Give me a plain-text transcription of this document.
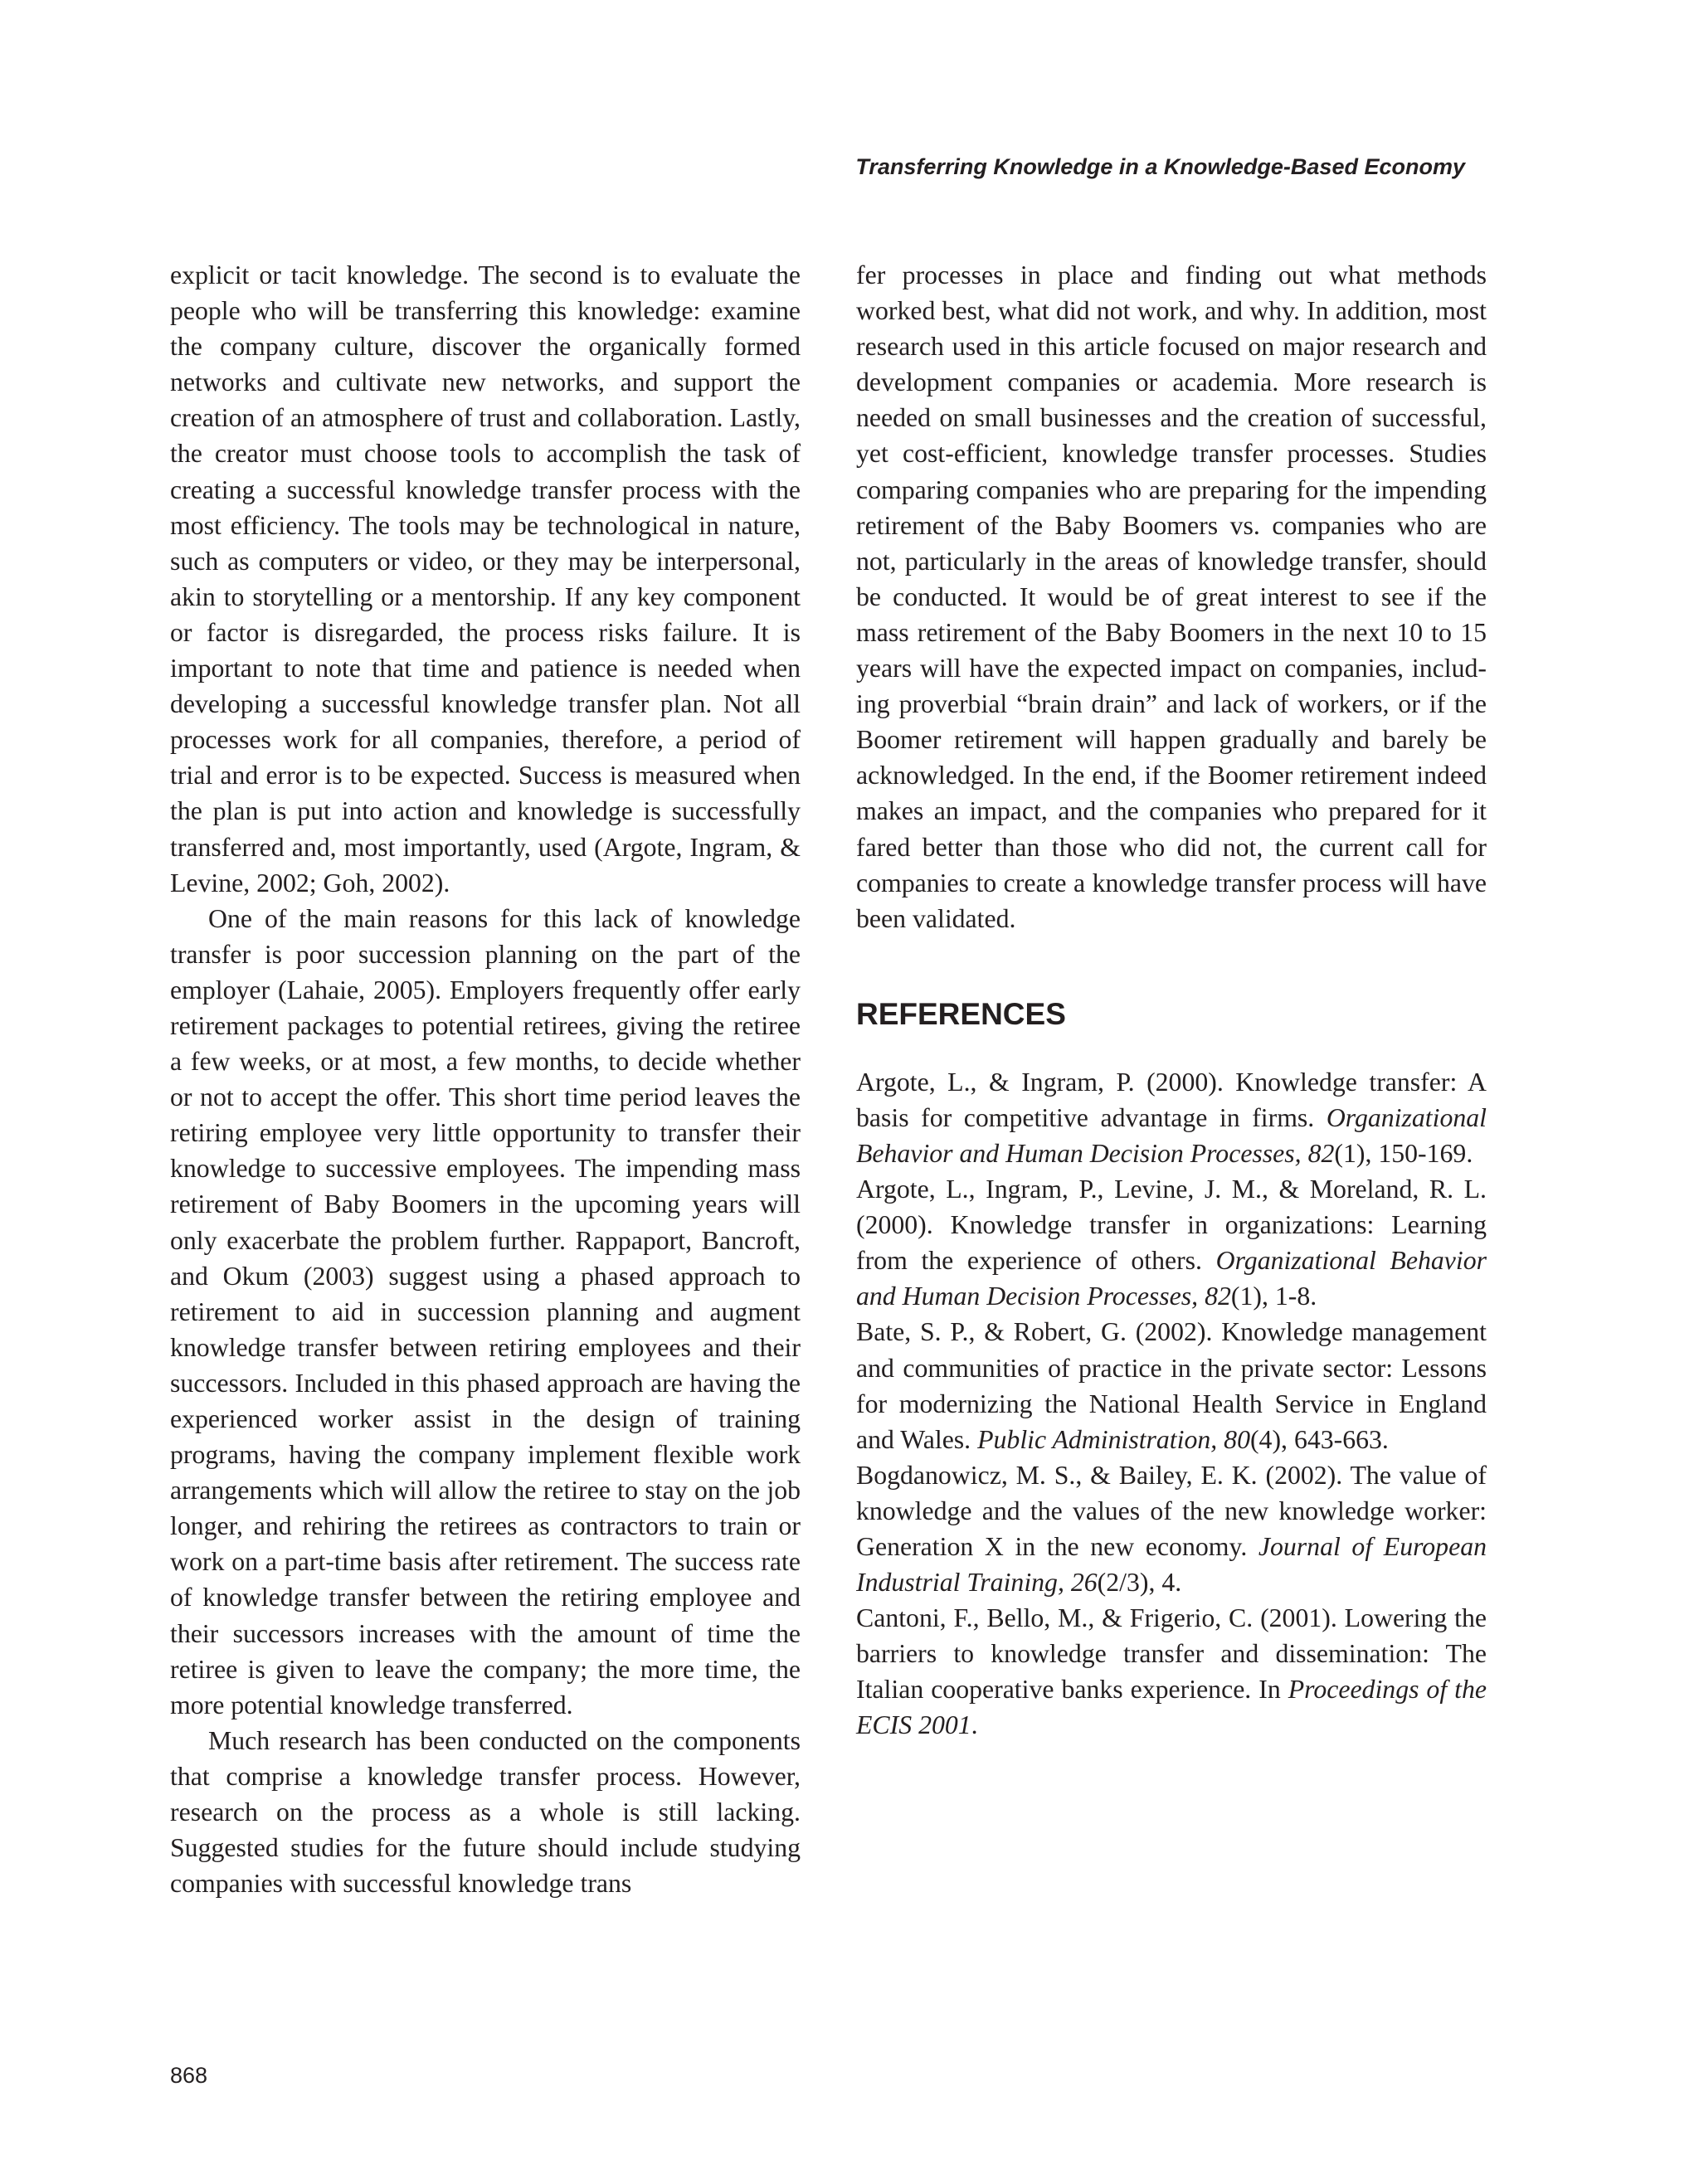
Transferring Knowledge in a Knowledge-Based Economy

explicit or tacit knowledge. The second is to evaluate the people who will be transferring this knowledge: examine the company culture, discover the organically formed networks and cultivate new networks, and support the creation of an atmosphere of trust and collaboration. Lastly, the creator must choose tools to accomplish the task of creating a successful knowledge transfer process with the most efficiency. The tools may be technological in nature, such as computers or video, or they may be interpersonal, akin to storytelling or a mentorship. If any key component or factor is disregarded, the process risks failure. It is important to note that time and patience is needed when developing a successful knowledge transfer plan. Not all processes work for all companies, therefore, a period of trial and error is to be expected. Success is measured when the plan is put into action and knowledge is successfully transferred and, most importantly, used (Argote, Ingram, & Levine, 2002; Goh, 2002).

One of the main reasons for this lack of knowledge transfer is poor succession planning on the part of the employer (Lahaie, 2005). Employers frequently offer early retirement packages to potential retirees, giving the retiree a few weeks, or at most, a few months, to decide whether or not to accept the offer. This short time period leaves the retiring employee very little opportunity to transfer their knowledge to successive employees. The impending mass retirement of Baby Boomers in the upcoming years will only exacerbate the problem further. Rappaport, Bancroft, and Okum (2003) suggest using a phased approach to retirement to aid in succession planning and augment knowledge transfer between retiring employees and their successors. Included in this phased approach are having the experienced worker assist in the design of training programs, having the company implement flexible work arrangements which will allow the retiree to stay on the job longer, and rehiring the retirees as contractors to train or work on a part-time basis after retirement. The success rate of knowledge transfer between the retiring employee and their successors increases with the amount of time the retiree is given to leave the company; the more time, the more potential knowledge transferred.

Much research has been conducted on the components that comprise a knowledge transfer process. However, research on the process as a whole is still lacking. Suggested studies for the future should include studying companies with successful knowledge trans

fer processes in place and finding out what methods worked best, what did not work, and why. In addition, most research used in this article focused on major research and development companies or academia. More research is needed on small businesses and the creation of successful, yet cost-efficient, knowledge transfer processes. Studies comparing companies who are preparing for the impending retirement of the Baby Boomers vs. companies who are not, particularly in the areas of knowledge transfer, should be conducted. It would be of great interest to see if the mass retirement of the Baby Boomers in the next 10 to 15 years will have the expected impact on companies, including proverbial “brain drain” and lack of workers, or if the Boomer retirement will happen gradually and barely be acknowledged. In the end, if the Boomer retirement indeed makes an impact, and the companies who prepared for it fared better than those who did not, the current call for companies to create a knowledge transfer process will have been validated.

REFERENCES

Argote, L., & Ingram, P. (2000). Knowledge transfer: A basis for competitive advantage in firms. Organizational Behavior and Human Decision Processes, 82(1), 150-169.

Argote, L., Ingram, P., Levine, J. M., & Moreland, R. L. (2000). Knowledge transfer in organizations: Learning from the experience of others. Organizational Behavior and Human Decision Processes, 82(1), 1-8.

Bate, S. P., & Robert, G. (2002). Knowledge management and communities of practice in the private sector: Lessons for modernizing the National Health Service in England and Wales. Public Administration, 80(4), 643-663.

Bogdanowicz, M. S., & Bailey, E. K. (2002). The value of knowledge and the values of the new knowledge worker: Generation X in the new economy. Journal of European Industrial Training, 26(2/3), 4.

Cantoni, F., Bello, M., & Frigerio, C. (2001). Lowering the barriers to knowledge transfer and dissemination: The Italian cooperative banks experience. In Proceedings of the ECIS 2001.

868
